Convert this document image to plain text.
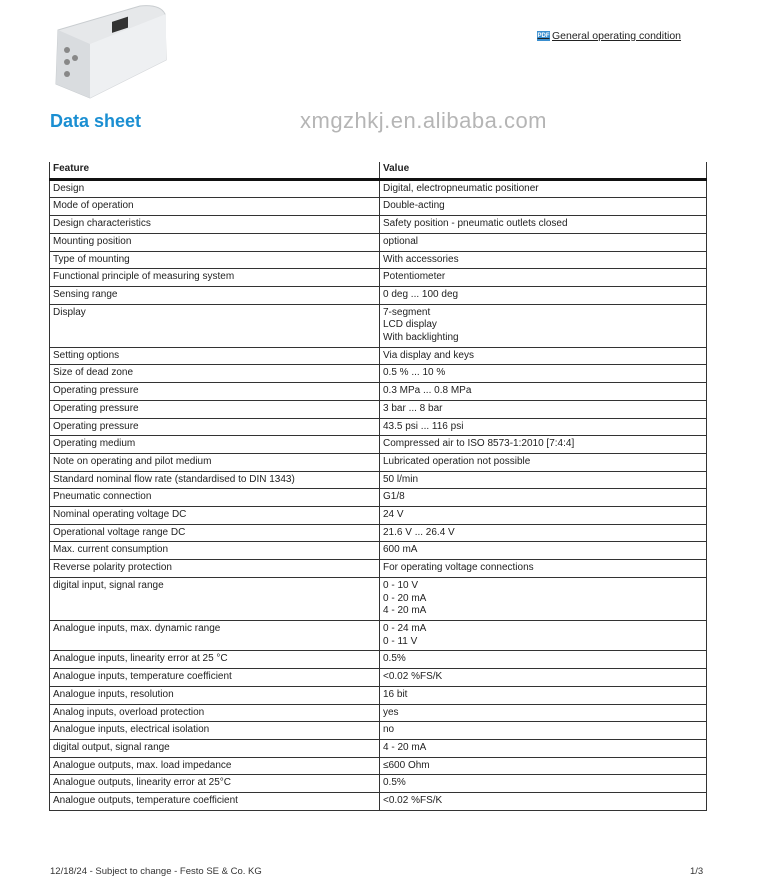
PDF General operating condition
Data sheet	xmgzhkj.en.alibaba.com
Feature	Value
Design	Digital, electropneumatic positioner
Mode of operation	Double-acting
Design characteristics	Safety position - pneumatic outlets closed
Mounting position	optional
Type of mounting	With accessories
Functional principle of measuring system	Potentiometer
Sensing range	0 deg ... 100 deg
Display	7-segment
LCD display
With backlighting
Setting options	Via display and keys
Size of dead zone	0.5 % ... 10 %
Operating pressure	0.3 MPa ... 0.8 MPa
Operating pressure	3 bar ... 8 bar
Operating pressure	43.5 psi ... 116 psi
Operating medium	Compressed air to ISO 8573-1:2010 [7:4:4]
Note on operating and pilot medium	Lubricated operation not possible
Standard nominal flow rate (standardised to DIN 1343)	50 l/min
Pneumatic connection	G1/8
Nominal operating voltage DC	24 V
Operational voltage range DC	21.6 V ... 26.4 V
Max. current consumption	600 mA
Reverse polarity protection	For operating voltage connections
digital input, signal range	0 - 10 V
0 - 20 mA
4 - 20 mA
Analogue inputs, max. dynamic range	0 - 24 mA
0 - 11 V
Analogue inputs, linearity error at 25 °C	0.5%
Analogue inputs, temperature coefficient	<0.02 %FS/K
Analogue inputs, resolution	16 bit
Analog inputs, overload protection	yes
Analogue inputs, electrical isolation	no
digital output, signal range	4 - 20 mA
Analogue outputs, max. load impedance	≤600 Ohm
Analogue outputs, linearity error at 25°C	0.5%
Analogue outputs, temperature coefficient	<0.02 %FS/K
12/18/24 - Subject to change - Festo SE & Co. KG	1/3
